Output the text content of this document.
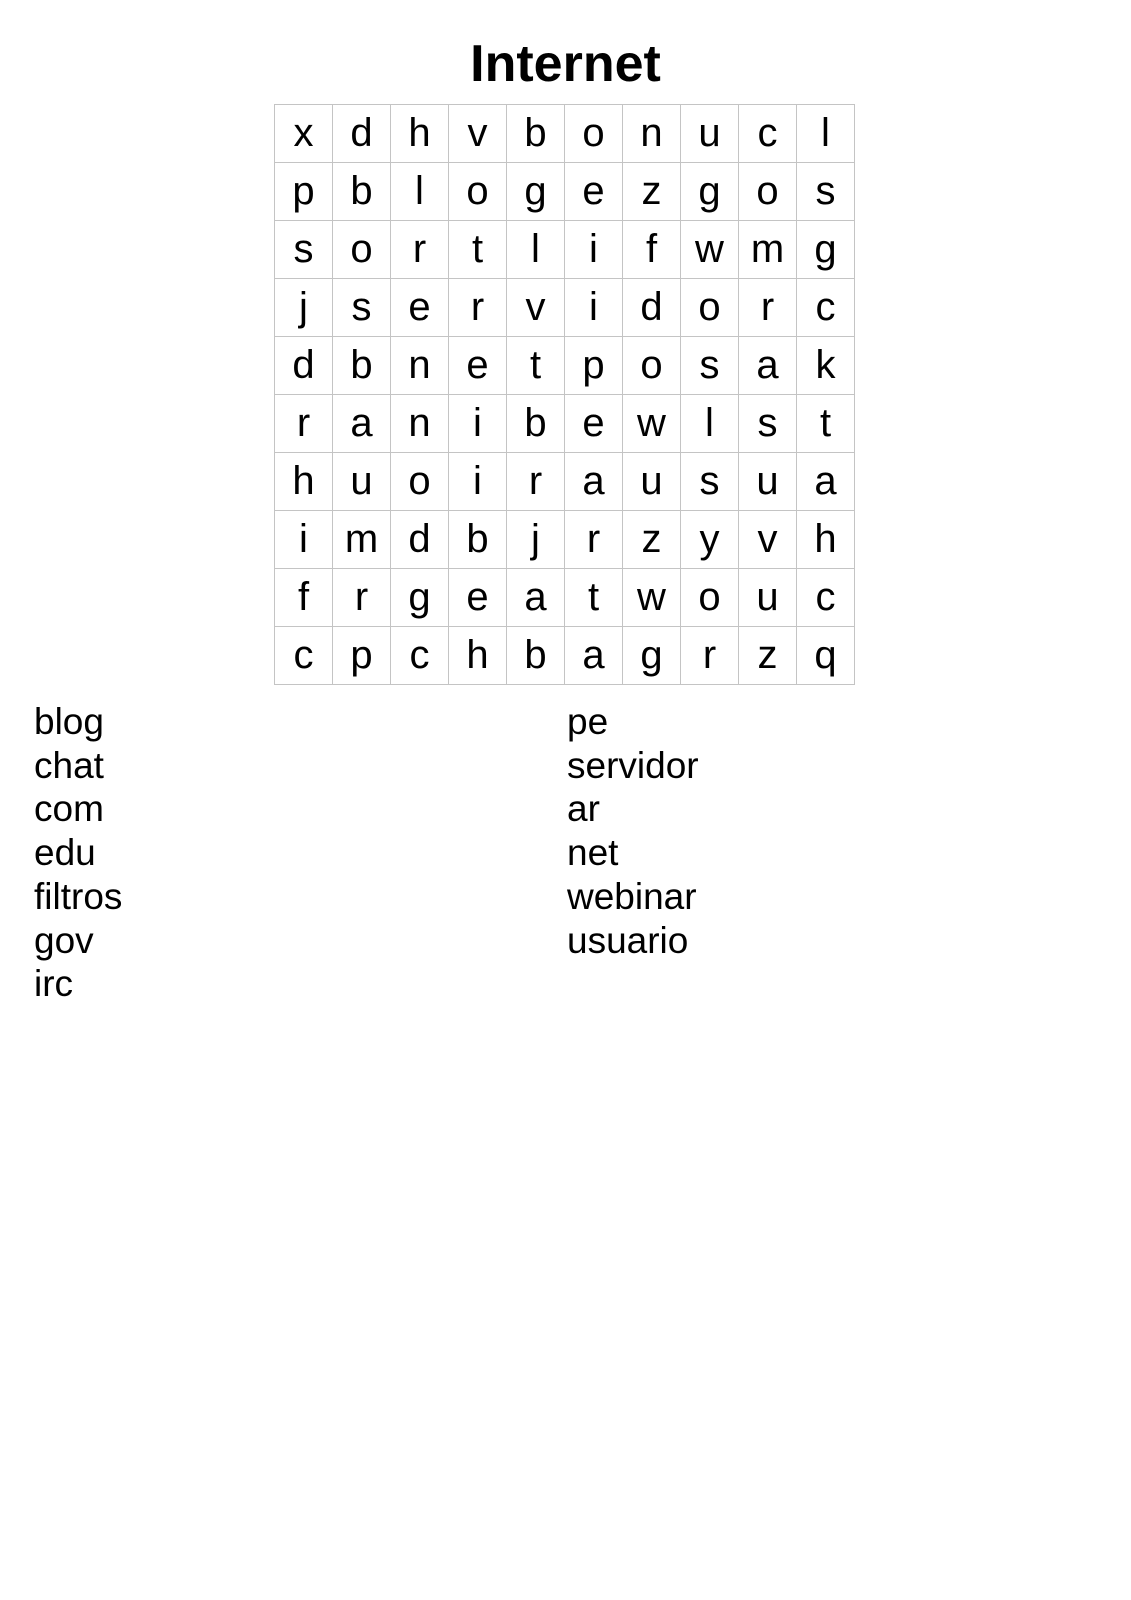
Internet
x	d	h	v	b	o	n	u	c	l
p	b	l	o	g	e	z	g	o	s
s	o	r	t	l	i	f	w	m	g
j	s	e	r	v	i	d	o	r	c
d	b	n	e	t	p	o	s	a	k
r	a	n	i	b	e	w	l	s	t
h	u	o	i	r	a	u	s	u	a
i	m	d	b	j	r	z	y	v	h
f	r	g	e	a	t	w	o	u	c
c	p	c	h	b	a	g	r	z	q
blog
chat
com
edu
filtros
gov
irc
pe
servidor
ar
net
webinar
usuario
